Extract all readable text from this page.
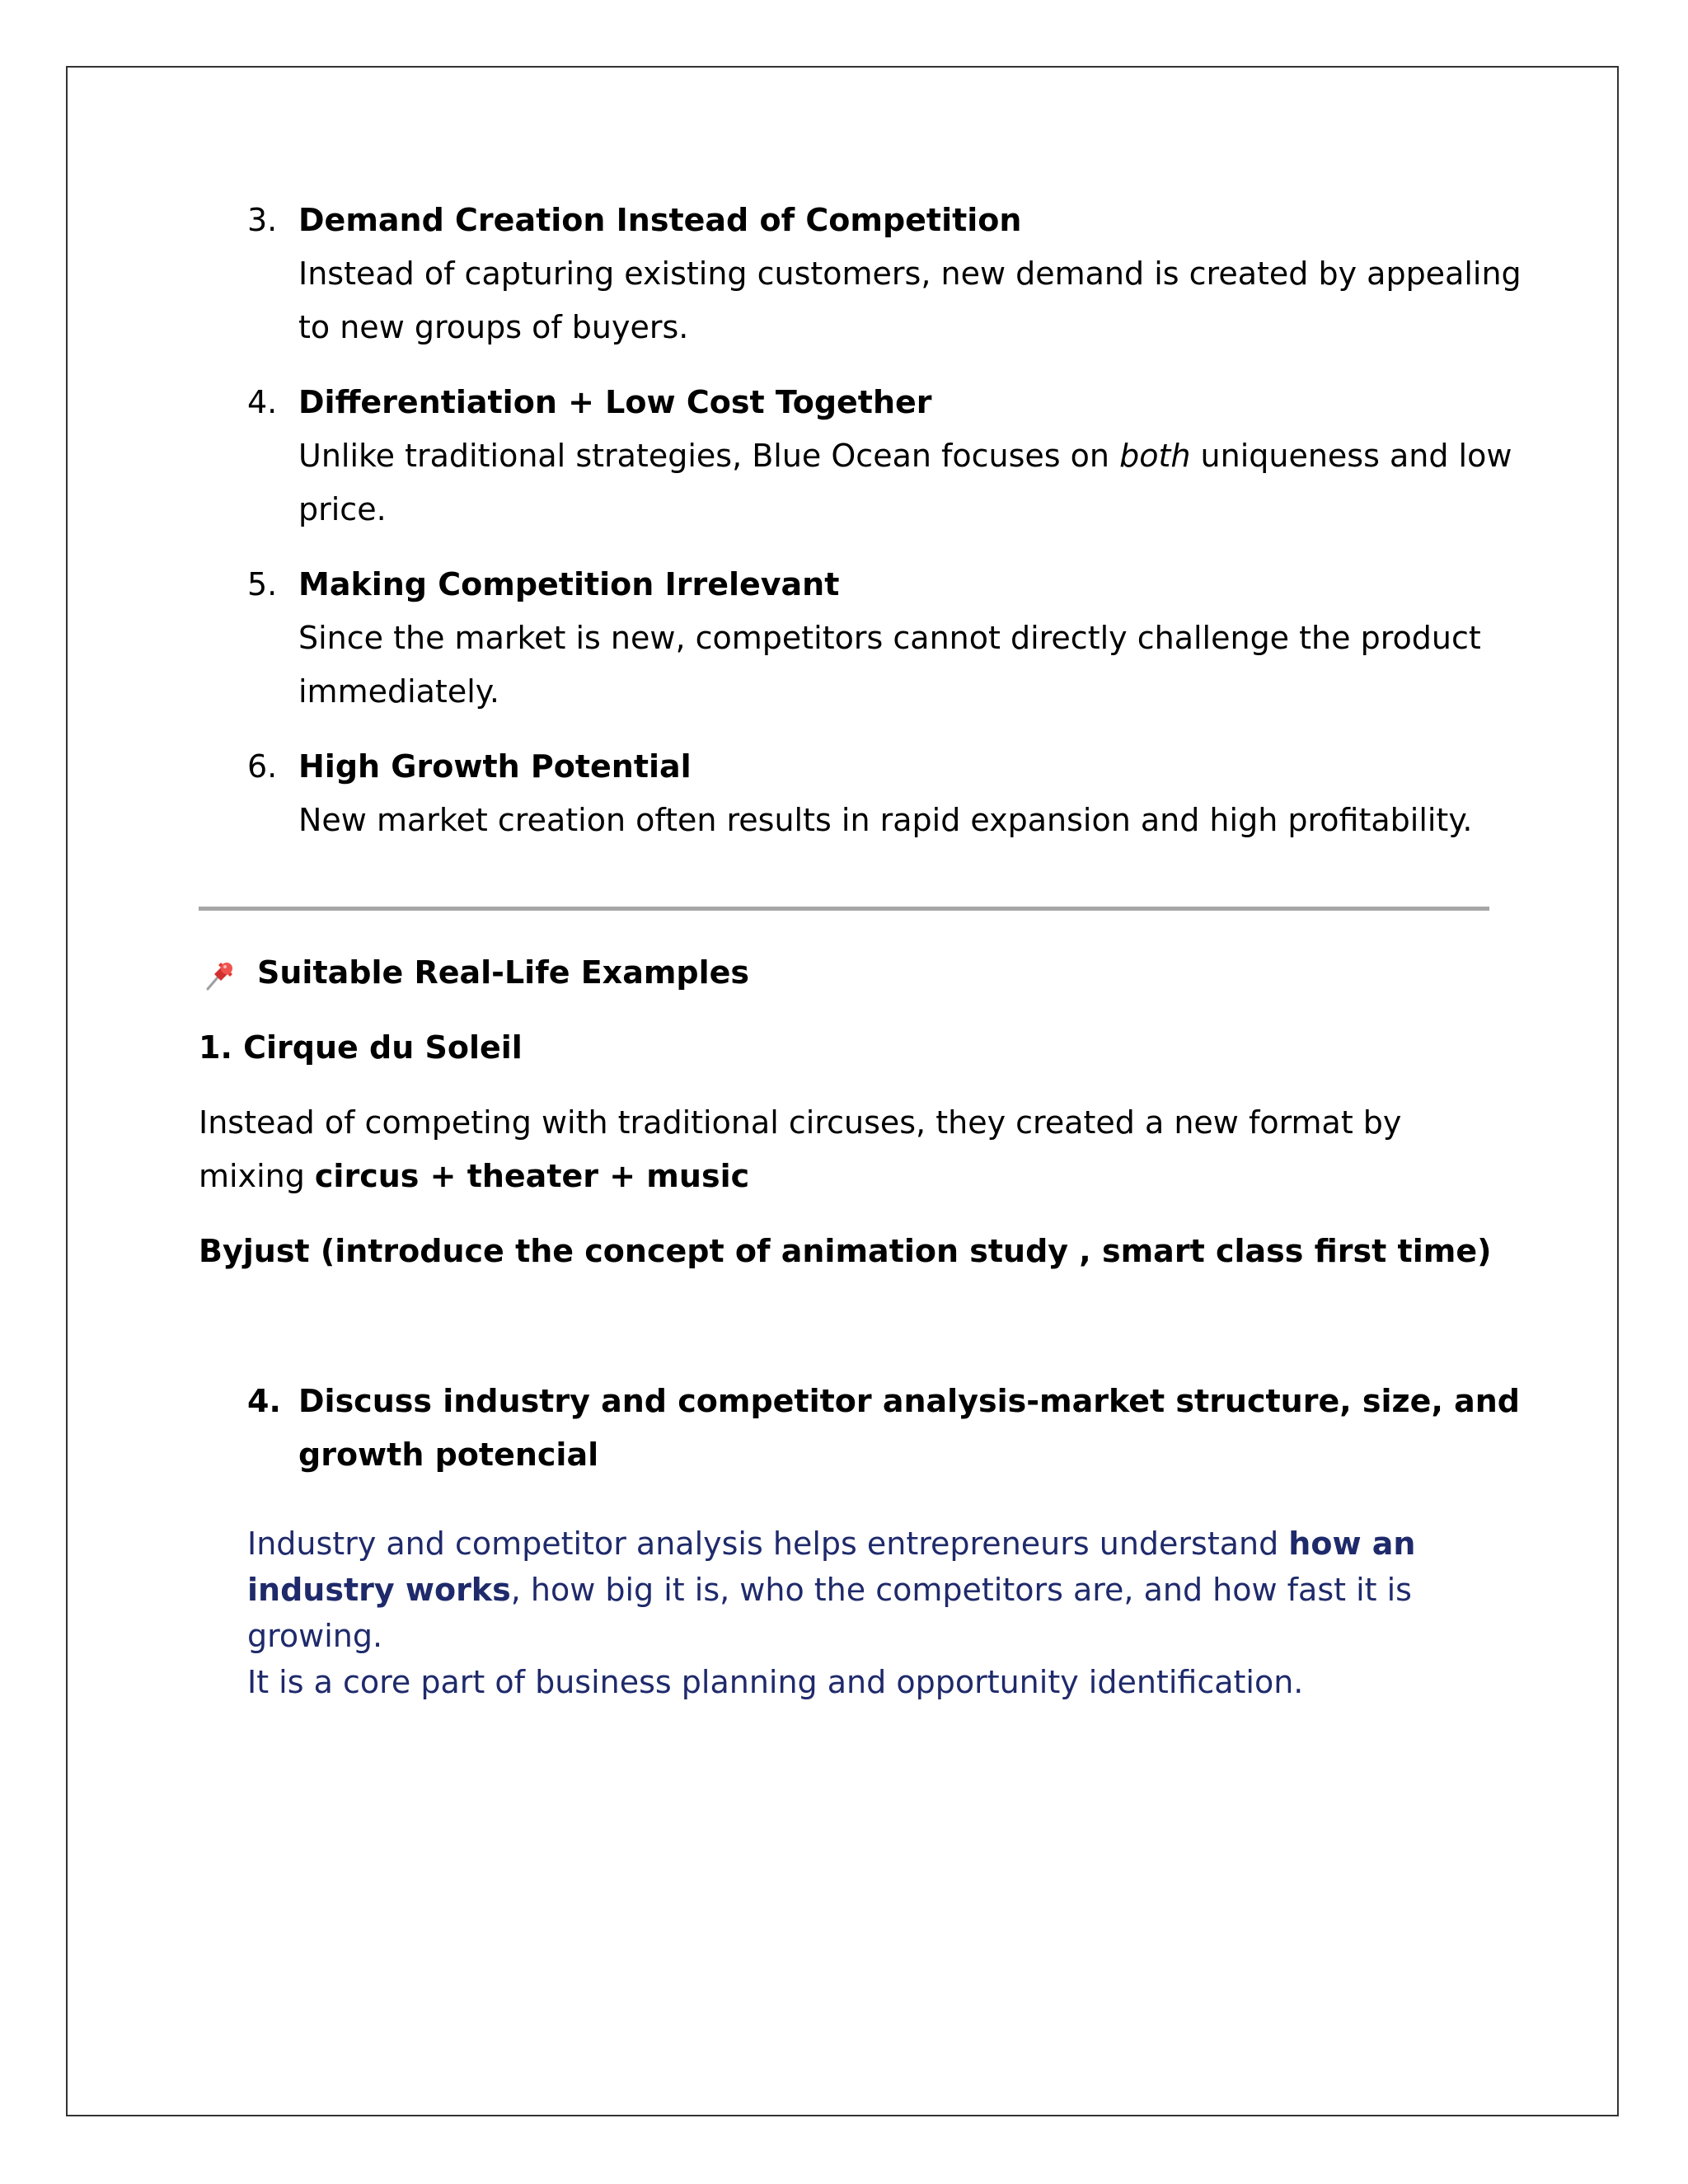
3. Demand Creation Instead of Competition
Instead of capturing existing customers, new demand is created by appealing
to new groups of buyers.
4. Differentiation + Low Cost Together
Unlike traditional strategies, Blue Ocean focuses on both uniqueness and low
price.
5. Making Competition Irrelevant
Since the market is new, competitors cannot directly challenge the product
immediately.
6. High Growth Potential
New market creation often results in rapid expansion and high profitability.
Suitable Real-Life Examples
1. Cirque du Soleil
Instead of competing with traditional circuses, they created a new format by
mixing circus + theater + music
Byjust (introduce the concept of animation study , smart class first time)
4. Discuss industry and competitor analysis-market structure, size, and
growth potencial
Industry and competitor analysis helps entrepreneurs understand how an
industry works, how big it is, who the competitors are, and how fast it is
growing.
It is a core part of business planning and opportunity identification.
